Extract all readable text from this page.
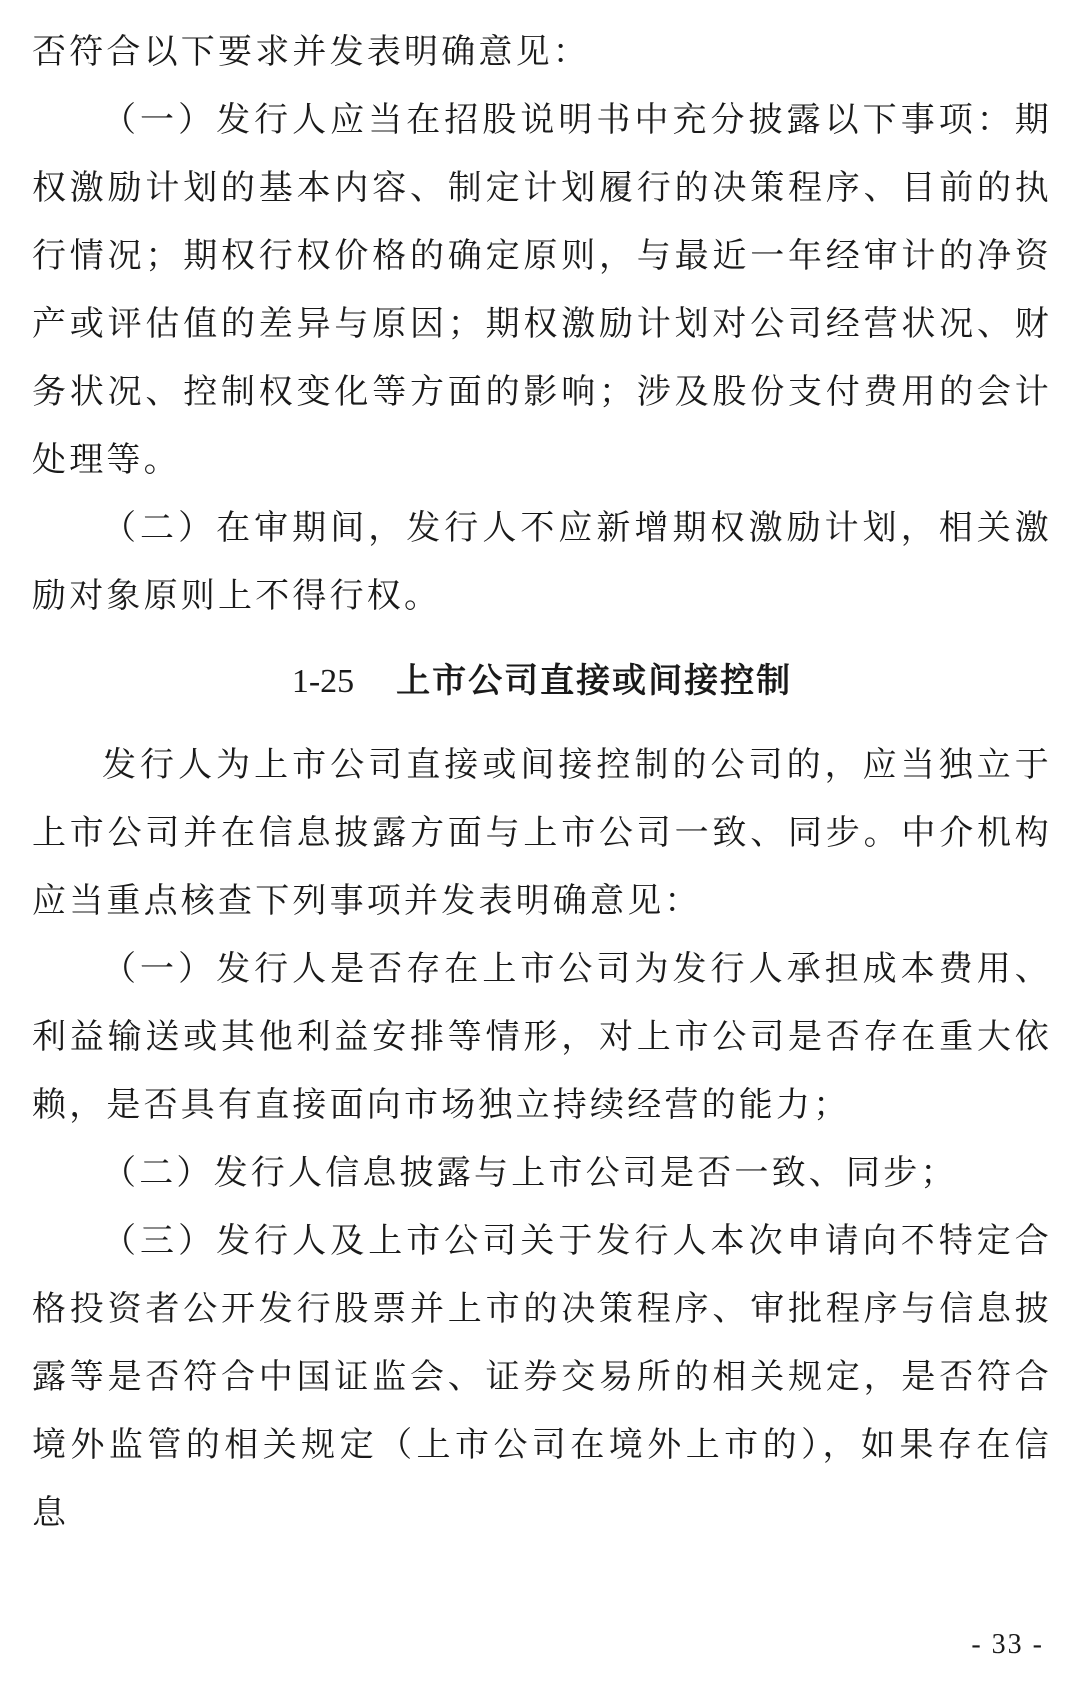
否符合以下要求并发表明确意见：

（一）发行人应当在招股说明书中充分披露以下事项：期权激励计划的基本内容、制定计划履行的决策程序、目前的执行情况；期权行权价格的确定原则，与最近一年经审计的净资产或评估值的差异与原因；期权激励计划对公司经营状况、财务状况、控制权变化等方面的影响；涉及股份支付费用的会计处理等。

（二）在审期间，发行人不应新增期权激励计划，相关激励对象原则上不得行权。

1-25 上市公司直接或间接控制

发行人为上市公司直接或间接控制的公司的，应当独立于上市公司并在信息披露方面与上市公司一致、同步。中介机构应当重点核查下列事项并发表明确意见：

（一）发行人是否存在上市公司为发行人承担成本费用、利益输送或其他利益安排等情形，对上市公司是否存在重大依赖，是否具有直接面向市场独立持续经营的能力；

（二）发行人信息披露与上市公司是否一致、同步；

（三）发行人及上市公司关于发行人本次申请向不特定合格投资者公开发行股票并上市的决策程序、审批程序与信息披露等是否符合中国证监会、证券交易所的相关规定，是否符合境外监管的相关规定（上市公司在境外上市的），如果存在信息

- 33 -
